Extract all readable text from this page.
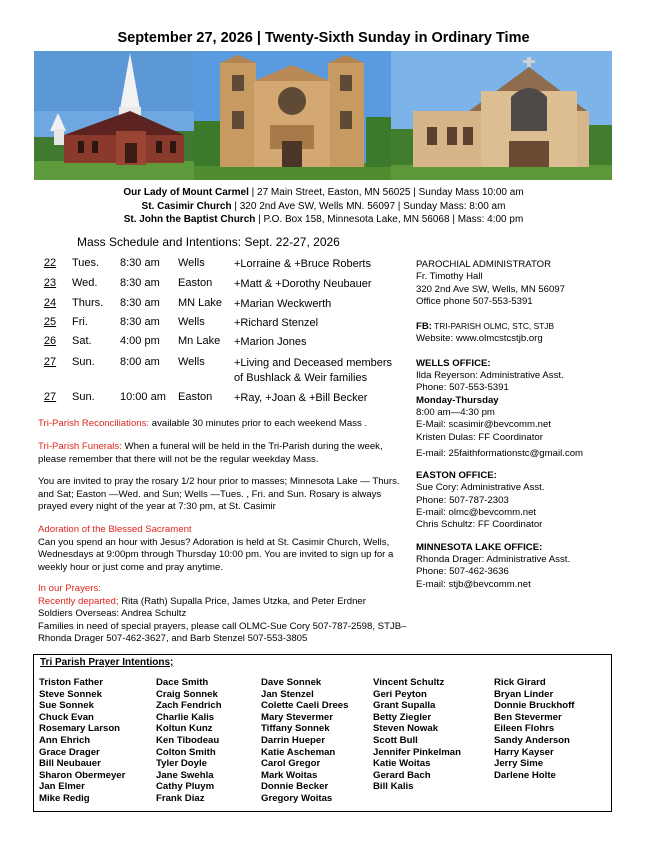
September 27, 2026 | Twenty-Sixth Sunday in Ordinary Time
Our Lady of Mount Carmel | 27 Main Street, Easton, MN 56025 | Sunday Mass 10:00 am
St. Casimir Church | 320 2nd Ave SW, Wells MN. 56097 | Sunday Mass: 8:00 am
St. John the Baptist Church | P.O. Box 158, Minnesota Lake, MN 56068 | Mass: 4:00 pm
Mass Schedule and Intentions: Sept. 22-27, 2026
22 Tues. 8:30 am Wells	+Lorraine & +Bruce Roberts
23 Wed. 8:30 am Easton +Matt & +Dorothy Neubauer
24 Thurs. 8:30 am MN Lake +Marian Weckwerth
25 Fri.	8:30 am Wells	+Richard Stenzel
26 Sat.	4:00 pm Mn Lake +Marion Jones
27 Sun. 8:00 am Wells	+Living and Deceased members
of Bushlack & Weir families
27 Sun. 10:00 am Easton +Ray, +Joan & +Bill Becker
Tri-Parish Reconciliations: available 30 minutes prior to each weekend Mass .
Tri-Parish Funerals: When a funeral will be held in the Tri-Parish during the week, please remember that there will not be the regular weekday Mass.
You are invited to pray the rosary 1/2 hour prior to masses; Minnesota Lake — Thurs. and Sat; Easton —Wed. and Sun; Wells —Tues. , Fri. and Sun. Rosary is always prayed every night of the year at 7:30 pm, at St. Casimir
Adoration of the Blessed Sacrament
Can you spend an hour with Jesus? Adoration is held at St. Casimir Church, Wells, Wednesdays at 9:00pm through Thursday 10:00 pm. You are invited to sign up for a weekly hour or just come and pray anytime.
In our Prayers:
Recently departed; Rita (Rath) Supalla Price, James Utzka, and Peter Erdner
Soldiers Overseas: Andrea Schultz
Families in need of special prayers, please call OLMC-Sue Cory 507-787-2598, STJB– Rhonda Drager 507-462-3627, and Barb Stenzel 507-553-3805
PAROCHIAL ADMINISTRATOR
Fr. Timothy Hall
320 2nd Ave SW, Wells, MN 56097
Office phone 507-553-5391
FB: TRI-PARISH OLMC, STC, STJB
Website: www.olmcstcstjb.org
WELLS OFFICE:
Ilda Reyerson: Administrative Asst.
Phone: 507-553-5391
Monday-Thursday
8:00 am—4:30 pm
E-Mail: scasimir@bevcomm.net
Kristen Dulas: FF Coordinator
E-mail: 25faithformationstc@gmail.com
EASTON OFFICE:
Sue Cory: Administrative Asst.
Phone: 507-787-2303
E-mail: olmc@bevcomm.net
Chris Schultz: FF Coordinator
MINNESOTA LAKE OFFICE:
Rhonda Drager: Administrative Asst.
Phone: 507-462-3636
E-mail: stjb@bevcomm.net
Tri Parish Prayer Intentions;
Triston Father
Steve Sonnek
Sue Sonnek
Chuck Evan
Rosemary Larson
Ann Ehrich
Grace Drager
Bill Neubauer
Sharon Obermeyer
Jan Elmer
Mike Redig
Dace Smith
Craig Sonnek
Zach Fendrich
Charlie Kalis
Koltun Kunz
Ken Tibodeau
Colton Smith
Tyler Doyle
Jane Swehla
Cathy Pluym
Frank Diaz
Dave Sonnek
Jan Stenzel
Colette Caeli Drees
Mary Stevermer
Tiffany Sonnek
Darrin Hueper
Katie Ascheman
Carol Gregor
Mark Woitas
Donnie Becker
Gregory Woitas
Vincent Schultz
Geri Peyton
Grant Supalla
Betty Ziegler
Steven Nowak
Scott Bull
Jennifer Pinkelman
Katie Woitas
Gerard Bach
Bill Kalis
Rick Girard
Bryan Linder
Donnie Bruckhoff
Ben Stevermer
Eileen Flohrs
Sandy Anderson
Harry Kayser
Jerry Sime
Darlene Holte
